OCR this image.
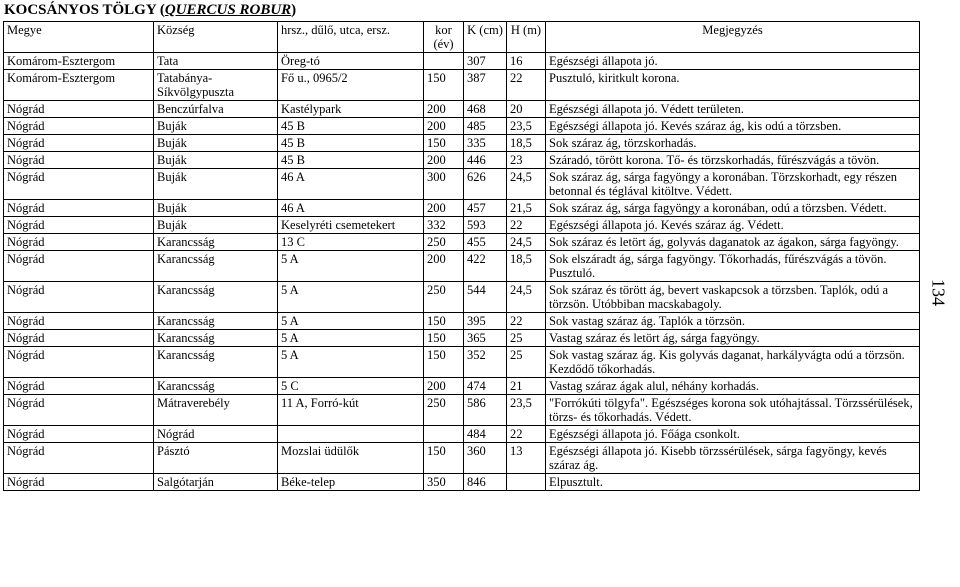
KOCSÁNYOS TÖLGY (QUERCUS ROBUR)
134
Megye	Község	hrsz., dűlő, utca, ersz.	kor (év)	K (cm)	H (m)	Megjegyzés
Komárom-Esztergom	Tata	Öreg-tó		307	16	Egészségi állapota jó.
Komárom-Esztergom	Tatabánya-Síkvölgypuszta	Fő u., 0965/2	150	387	22	Pusztuló, kiritkult korona.
Nógrád	Benczúrfalva	Kastélypark	200	468	20	Egészségi állapota jó. Védett területen.
Nógrád	Buják	45 B	200	485	23,5	Egészségi állapota jó. Kevés száraz ág, kis odú a törzsben.
Nógrád	Buják	45 B	150	335	18,5	Sok száraz ág, törzskorhadás.
Nógrád	Buják	45 B	200	446	23	Száradó, törött korona. Tő- és törzskorhadás, fűrészvágás a tövön.
Nógrád	Buják	46 A	300	626	24,5	Sok száraz ág, sárga fagyöngy a koronában. Törzskorhadt, egy részen betonnal és téglával kitöltve. Védett.
Nógrád	Buják	46 A	200	457	21,5	Sok száraz ág, sárga fagyöngy a koronában, odú a törzsben. Védett.
Nógrád	Buják	Keselyréti csemetekert	332	593	22	Egészségi állapota jó. Kevés száraz ág. Védett.
Nógrád	Karancsság	13 C	250	455	24,5	Sok száraz és letört ág, golyvás daganatok az ágakon, sárga fagyöngy.
Nógrád	Karancsság	5 A	200	422	18,5	Sok elszáradt ág, sárga fagyöngy. Tőkorhadás, fűrészvágás a tövön. Pusztuló.
Nógrád	Karancsság	5 A	250	544	24,5	Sok száraz és törött ág, bevert vaskapcsok a törzsben. Taplók, odú a törzsön. Utóbbiban macskabagoly.
Nógrád	Karancsság	5 A	150	395	22	Sok vastag száraz ág. Taplók a törzsön.
Nógrád	Karancsság	5 A	150	365	25	Vastag száraz és letört ág, sárga fagyöngy.
Nógrád	Karancsság	5 A	150	352	25	Sok vastag száraz ág. Kis golyvás daganat, harkályvágta odú a törzsön. Kezdődő tőkorhadás.
Nógrád	Karancsság	5 C	200	474	21	Vastag száraz ágak alul, néhány korhadás.
Nógrád	Mátraverebély	11 A, Forró-kút	250	586	23,5	"Forrókúti tölgyfa". Egészséges korona sok utóhajtással. Törzssérülések, törzs- és tőkorhadás. Védett.
Nógrád	Nógrád			484	22	Egészségi állapota jó. Főága csonkolt.
Nógrád	Pásztó	Mozslai üdülők	150	360	13	Egészségi állapota jó. Kisebb törzssérülések, sárga fagyöngy, kevés száraz ág.
Nógrád	Salgótarján	Béke-telep	350	846		Elpusztult.
